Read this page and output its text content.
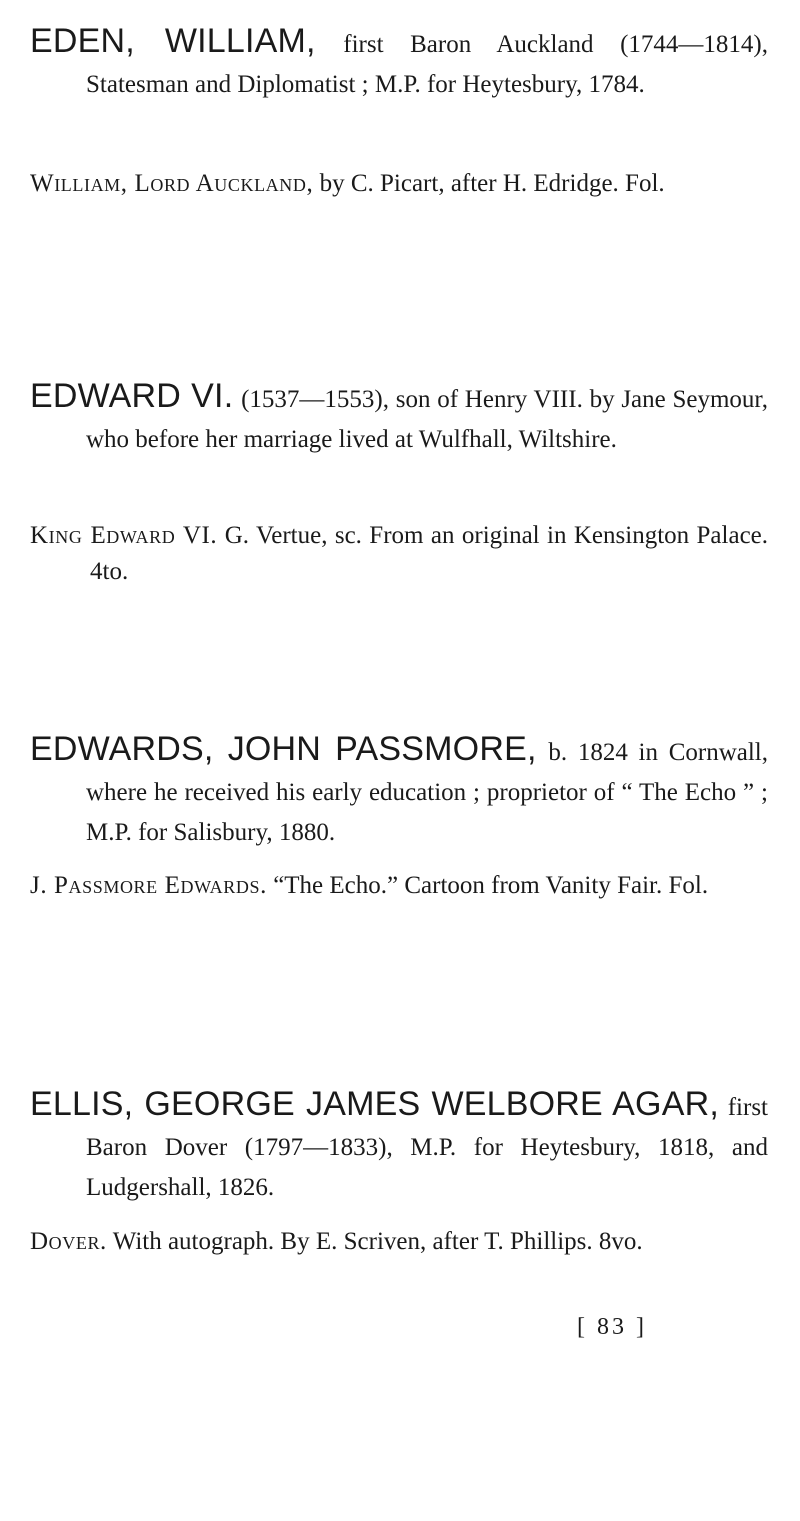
EDEN, WILLIAM, first Baron Auckland (1744—1814), Statesman and Diplomatist ; M.P. for Heytesbury, 1784.

William, Lord Auckland, by C. Picart, after H. Edridge. Fol.

EDWARD VI. (1537—1553), son of Henry VIII. by Jane Seymour, who before her marriage lived at Wulfhall, Wiltshire.

King Edward VI. G. Vertue, sc. From an original in Kensington Palace. 4to.

EDWARDS, JOHN PASSMORE, b. 1824 in Cornwall, where he received his early education ; proprietor of “ The Echo ” ; M.P. for Salisbury, 1880.

J. Passmore Edwards. “The Echo.” Cartoon from Vanity Fair. Fol.

ELLIS, GEORGE JAMES WELBORE AGAR, first Baron Dover (1797—1833), M.P. for Heytesbury, 1818, and Ludgershall, 1826.

Dover. With autograph. By E. Scriven, after T. Phillips. 8vo.

[ 83 ]
